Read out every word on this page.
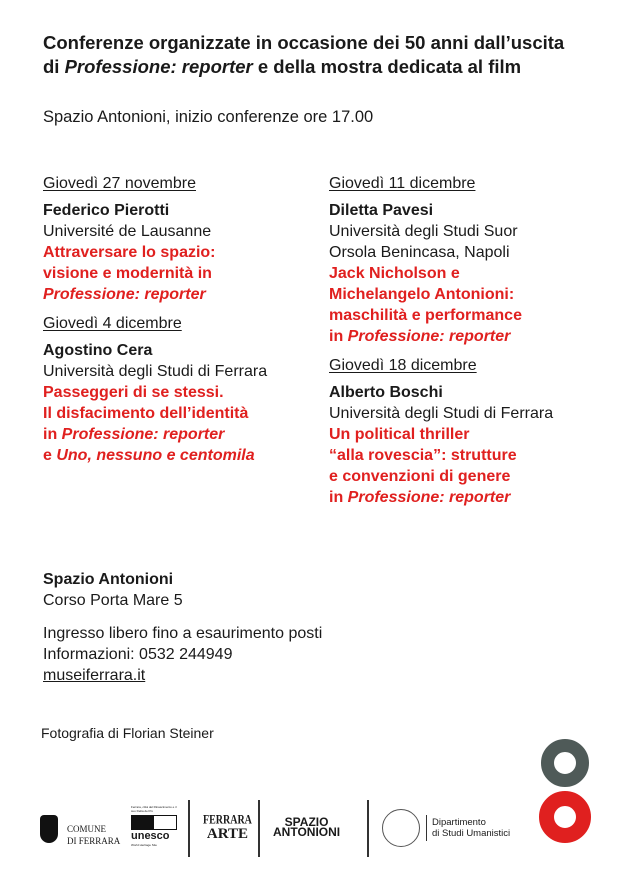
Conferenze organizzate in occasione dei 50 anni dall’uscita
di Professione: reporter e della mostra dedicata al film
Spazio Antonioni, inizio conferenze ore 17.00
Giovedì 27 novembre
Federico Pierotti
Université de Lausanne
Attraversare lo spazio:
visione e modernità in
Professione: reporter
Giovedì 4 dicembre
Agostino Cera
Università degli Studi di Ferrara
Passeggeri di se stessi.
Il disfacimento dell’identità
in Professione: reporter
e Uno, nessuno e centomila
Giovedì 11 dicembre
Diletta Pavesi
Università degli Studi Suor
Orsola Benincasa, Napoli
Jack Nicholson e
Michelangelo Antonioni:
maschilità e performance
in Professione: reporter
Giovedì 18 dicembre
Alberto Boschi
Università degli Studi di Ferrara
Un political thriller
“alla rovescia”: strutture
e convenzioni di genere
in Professione: reporter
Spazio Antonioni
Corso Porta Mare 5
Ingresso libero fino a esaurimento posti
Informazioni: 0532 244949
museiferrara.it
Fotografia di Florian Steiner
COMUNE
DI FERRARA
Ferrara, città del Rinascimento e il suo Delta del Po
unesco
World Heritage Site
FERRARA
ARTE
SPAZIO
ANTONIONI
Dipartimento
di Studi Umanistici
